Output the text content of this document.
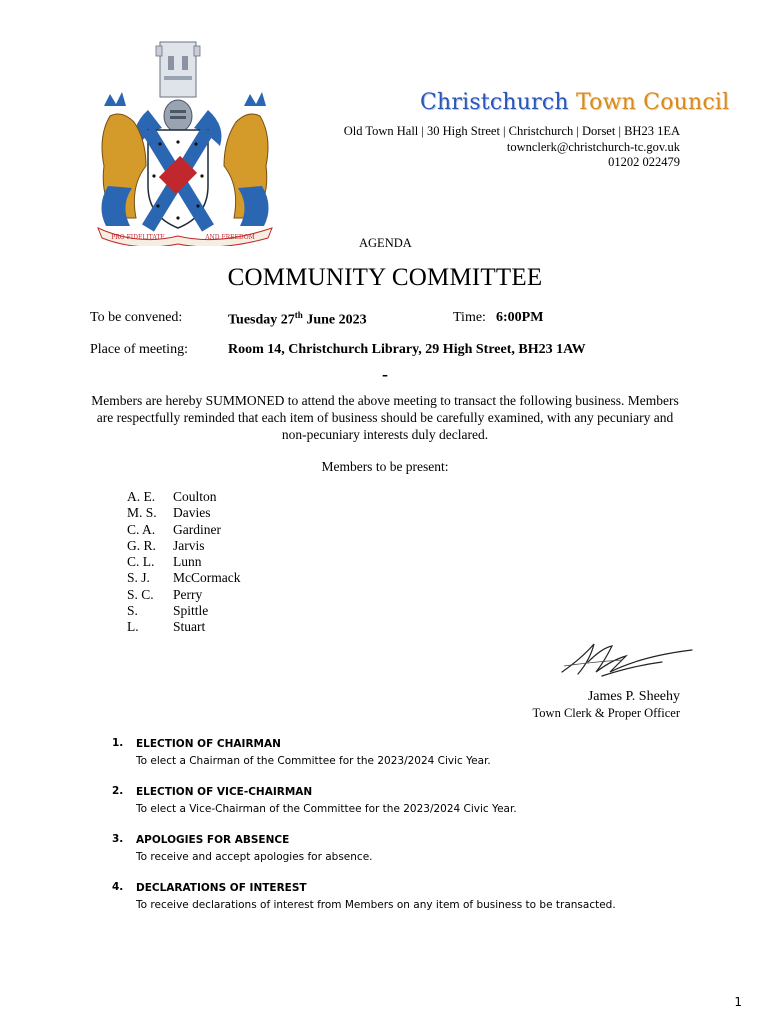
PRO FIDELITATE	AND FREEDOM
Christchurch Town Council
Old Town Hall | 30 High Street | Christchurch | Dorset | BH23 1EA
townclerk@christchurch-tc.gov.uk
01202 022479
AGENDA
COMMUNITY COMMITTEE
To be convened:	Tuesday 27th June 2023	Time: 6:00PM
Place of meeting:	Room 14, Christchurch Library, 29 High Street, BH23 1AW
-
Members are hereby SUMMONED to attend the above meeting to transact the following business. Members are respectfully reminded that each item of business should be carefully examined, with any pecuniary and non-pecuniary interests duly declared.
Members to be present:
A. E.	Coulton
M. S.	Davies
C. A.	Gardiner
G. R.	Jarvis
C. L.	Lunn
S. J.	McCormack
S. C.	Perry
S.	Spittle
L.	Stuart
James P. Sheehy
Town Clerk & Proper Officer
1.	ELECTION OF CHAIRMAN
To elect a Chairman of the Committee for the 2023/2024 Civic Year.
2.	ELECTION OF VICE-CHAIRMAN
To elect a Vice-Chairman of the Committee for the 2023/2024 Civic Year.
3.	APOLOGIES FOR ABSENCE
To receive and accept apologies for absence.
4.	DECLARATIONS OF INTEREST
To receive declarations of interest from Members on any item of business to be transacted.
1
